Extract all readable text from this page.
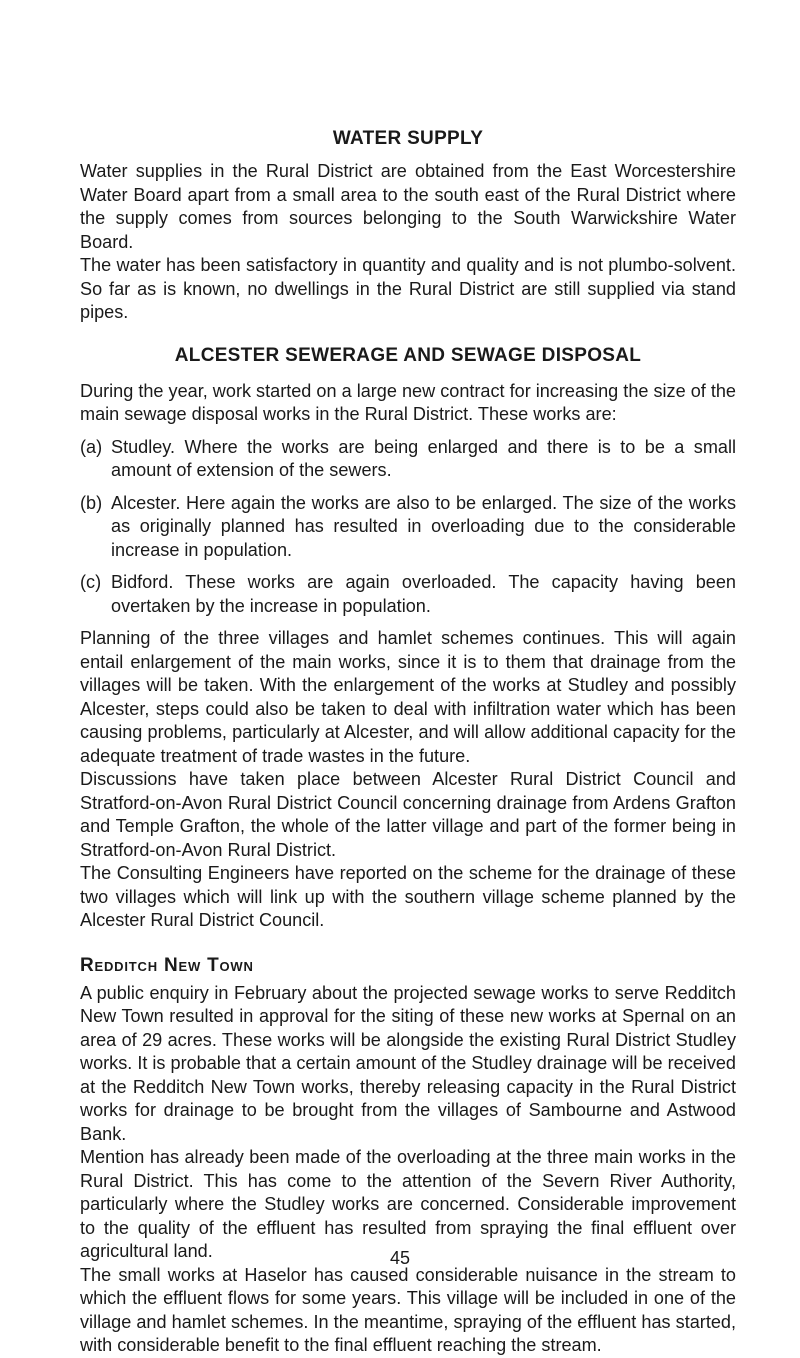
WATER SUPPLY

Water supplies in the Rural District are obtained from the East Worcestershire Water Board apart from a small area to the south east of the Rural District where the supply comes from sources belonging to the South Warwickshire Water Board.

The water has been satisfactory in quantity and quality and is not plumbo-solvent. So far as is known, no dwellings in the Rural District are still supplied via stand pipes.

ALCESTER SEWERAGE AND SEWAGE DISPOSAL

During the year, work started on a large new contract for increasing the size of the main sewage disposal works in the Rural District. These works are:

(a) Studley. Where the works are being enlarged and there is to be a small amount of extension of the sewers.

(b) Alcester. Here again the works are also to be enlarged. The size of the works as originally planned has resulted in overloading due to the considerable increase in population.

(c) Bidford. These works are again overloaded. The capacity having been overtaken by the increase in population.

Planning of the three villages and hamlet schemes continues. This will again entail enlargement of the main works, since it is to them that drainage from the villages will be taken. With the enlargement of the works at Studley and possibly Alcester, steps could also be taken to deal with infiltration water which has been causing problems, particularly at Alcester, and will allow additional capacity for the adequate treatment of trade wastes in the future.

Discussions have taken place between Alcester Rural District Council and Stratford-on-Avon Rural District Council concerning drainage from Ardens Grafton and Temple Grafton, the whole of the latter village and part of the former being in Stratford-on-Avon Rural District.

The Consulting Engineers have reported on the scheme for the drainage of these two villages which will link up with the southern village scheme planned by the Alcester Rural District Council.

Redditch New Town

A public enquiry in February about the projected sewage works to serve Redditch New Town resulted in approval for the siting of these new works at Spernal on an area of 29 acres. These works will be alongside the existing Rural District Studley works. It is probable that a certain amount of the Studley drainage will be received at the Redditch New Town works, thereby releasing capacity in the Rural District works for drainage to be brought from the villages of Sambourne and Astwood Bank.

Mention has already been made of the overloading at the three main works in the Rural District. This has come to the attention of the Severn River Authority, particularly where the Studley works are concerned. Considerable improvement to the quality of the effluent has resulted from spraying the final effluent over agricultural land.

The small works at Haselor has caused considerable nuisance in the stream to which the effluent flows for some years. This village will be included in one of the village and hamlet schemes. In the meantime, spraying of the effluent has started, with considerable benefit to the final effluent reaching the stream.

45
